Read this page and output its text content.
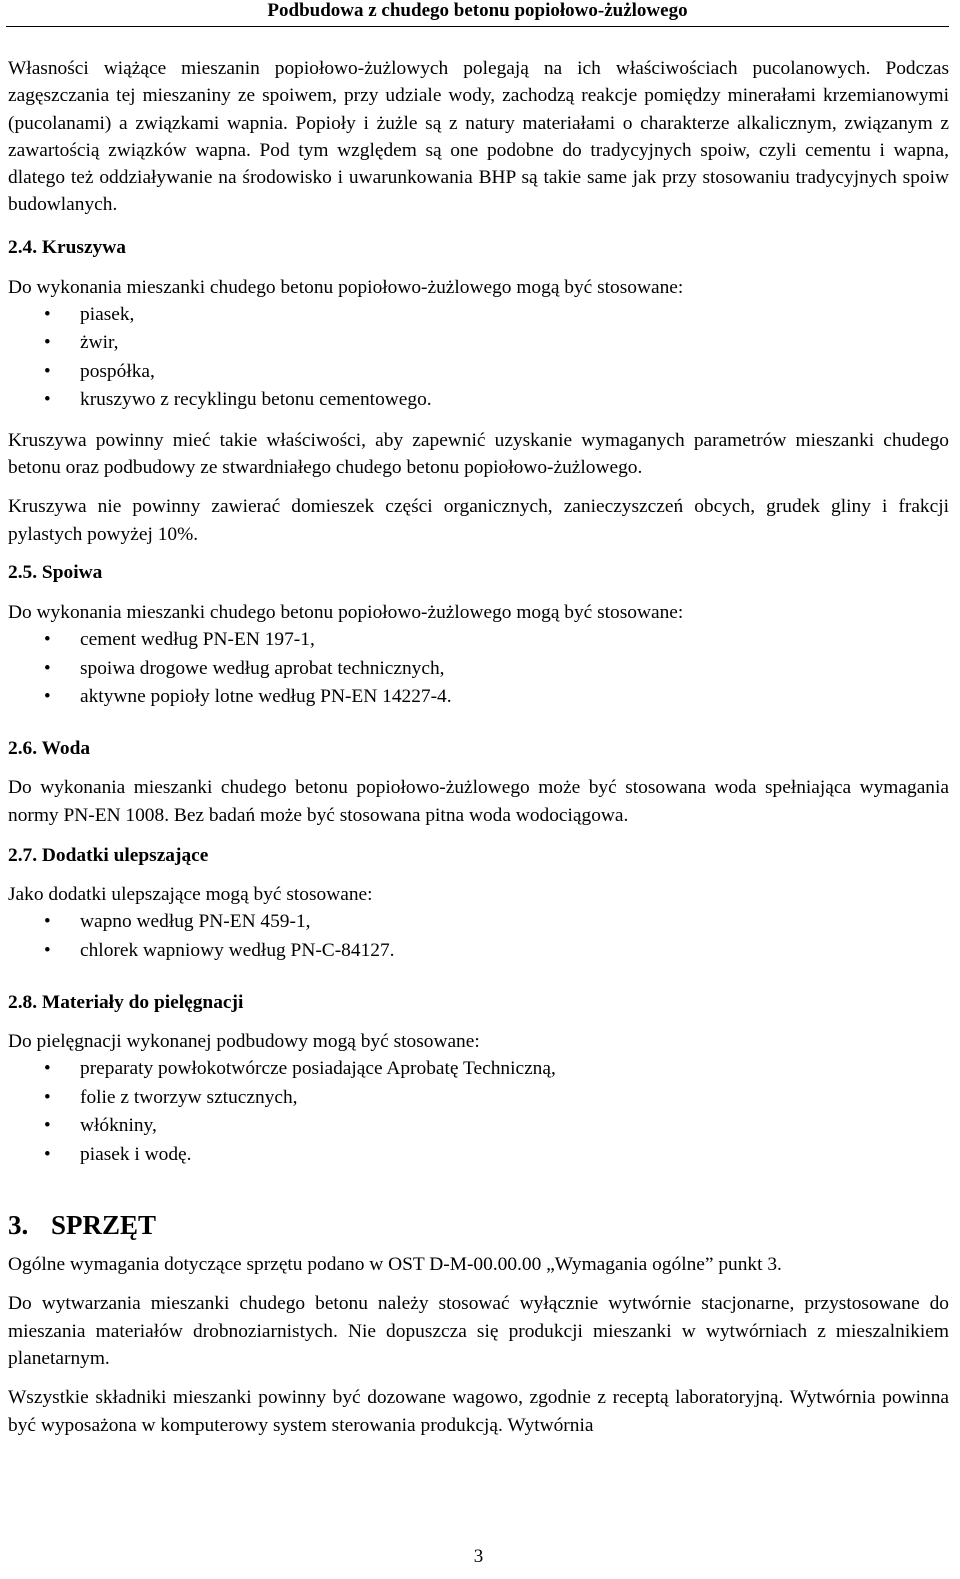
Podbudowa z chudego betonu popiołowo-żużlowego

Własności wiążące mieszanin popiołowo-żużlowych polegają na ich właściwościach pucolanowych. Podczas zagęszczania tej mieszaniny ze spoiwem, przy udziale wody, zachodzą reakcje pomiędzy minerałami krzemianowymi (pucolanami) a związkami wapnia. Popioły i żużle są z natury materiałami o charakterze alkalicznym, związanym z zawartością związków wapna. Pod tym względem są one podobne do tradycyjnych spoiw, czyli cementu i wapna, dlatego też oddziaływanie na środowisko i uwarunkowania BHP są takie same jak przy stosowaniu tradycyjnych spoiw budowlanych.

2.4. Kruszywa

Do wykonania mieszanki chudego betonu popiołowo-żużlowego mogą być stosowane:

• piasek,
• żwir,
• pospółka,
• kruszywo z recyklingu betonu cementowego.

Kruszywa powinny mieć takie właściwości, aby zapewnić uzyskanie wymaganych parametrów mieszanki chudego betonu oraz podbudowy ze stwardniałego chudego betonu popiołowo-żużlowego.

Kruszywa nie powinny zawierać domieszek części organicznych, zanieczyszczeń obcych, grudek gliny i frakcji pylastych powyżej 10%.

2.5. Spoiwa

Do wykonania mieszanki chudego betonu popiołowo-żużlowego mogą być stosowane:

• cement według PN-EN 197-1,
• spoiwa drogowe według aprobat technicznych,
• aktywne popioły lotne według PN-EN 14227-4.
2.6. Woda

Do wykonania mieszanki chudego betonu popiołowo-żużlowego może być stosowana woda spełniająca wymagania normy PN-EN 1008. Bez badań może być stosowana pitna woda wodociągowa.

2.7. Dodatki ulepszające

Jako dodatki ulepszające mogą być stosowane:

• wapno według PN-EN 459-1,
• chlorek wapniowy według PN-C-84127.
2.8. Materiały do pielęgnacji

Do pielęgnacji wykonanej podbudowy mogą być stosowane:

• preparaty powłokotwórcze posiadające Aprobatę Techniczną,
• folie z tworzyw sztucznych,
• włókniny,
• piasek i wodę.
3. SPRZĘT

Ogólne wymagania dotyczące sprzętu podano w OST D-M-00.00.00 „Wymagania ogólne” punkt 3.

Do wytwarzania mieszanki chudego betonu należy stosować wyłącznie wytwórnie stacjonarne, przystosowane do mieszania materiałów drobnoziarnistych. Nie dopuszcza się produkcji mieszanki w wytwórniach z mieszalnikiem planetarnym.

Wszystkie składniki mieszanki powinny być dozowane wagowo, zgodnie z receptą laboratoryjną. Wytwórnia powinna być wyposażona w komputerowy system sterowania produkcją. Wytwórnia

3
